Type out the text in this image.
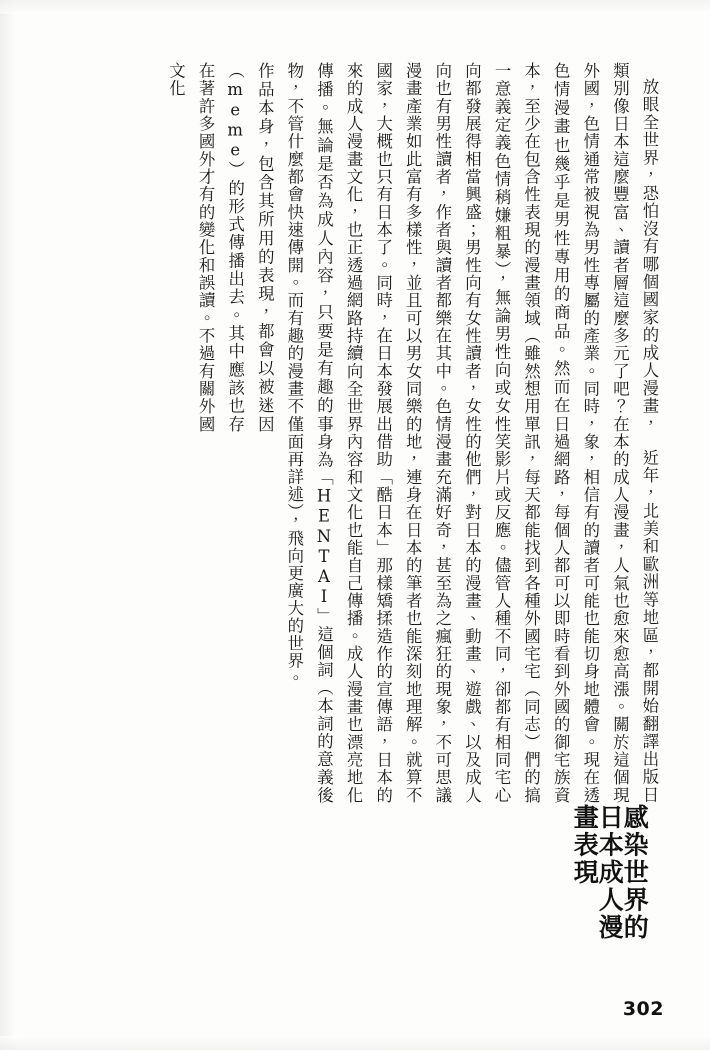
感染世界的日本成人漫畫表現

近年，北美和歐洲等地區，都開始翻譯出版日本的成人漫畫，人氣也愈來愈高漲。關於這個現象，相信有的讀者可能也能切身地體會。現在透過網路，每個人都可以即時看到外國的御宅族資訊，每天都能找到各種外國宅宅（同志）們的搞笑影片或反應。儘管人種不同，卻都有相同宅心的他們，對日本的漫畫、動畫、遊戲、以及成人漫畫充滿好奇，甚至為之瘋狂的現象，不可思議地，連身在日本的筆者也能深刻地理解。就算不借助「酷日本」那樣矯揉造作的宣傳語，日本的內容和文化也能自己傳播。成人漫畫也漂亮地化身為「HENTAI」這個詞（本詞的意義後面再詳述），飛向更廣大的世界。

放眼全世界，恐怕沒有哪個國家的成人漫畫，類別像日本這麼豐富、讀者層這麼多元了吧？在外國，色情通常被視為男性專屬的產業。同時，色情漫畫也幾乎是男性專用的商品。然而在日本，至少在包含性表現的漫畫領域（雖然想用單一意義定義色情稍嫌粗暴），無論男性向或女性向都發展得相當興盛；男性向有女性讀者，女性向也有男性讀者，作者與讀者都樂在其中。色情漫畫產業如此富有多樣性，並且可以男女同樂的國家，大概也只有日本了。同時，在日本發展出來的成人漫畫文化，也正透過網路持續向全世界傳播。無論是否為成人內容，只要是有趣的事物，不管什麼都會快速傳開。而有趣的漫畫不僅作品本身，包含其所用的表現，都會以被迷因（meme）的形式傳播出去。其中應該也存在著許多國外才有的變化和誤讀。不過有關外國文化

302
